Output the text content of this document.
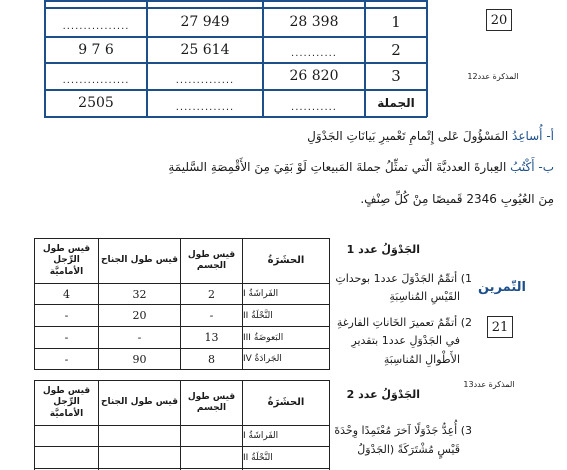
1
28 398
27 949
................
2
...........
25 614
9 7 6
3
26 820
..............
................
الجملة
...........
..............
2505
20
المذكرة عدد12
أ- أُساعِدُ المَسْؤُولَ عَلى إِتْمامِ تَعْميرِ بَيانَاتِ الجَدْوَلِ
ب- أَكْتُبُ العِبارةَ العدديَّةَ الّتي تمثِّلُ جملةَ المَبيعاتِ لَوْ بَقِيَ مِنَ الأَقْمِصَةِ السَّليمَةِ
مِنَ العُيُوبِ 2346 قَميصًا مِنْ كُلِّ صِنْفٍ.
الحشَرَةُ
قيس طول الجسم
قيس طول الجناح
قيس طول الرِّجل الأماميَّة
الفَراشَةُ I
2
32
4
النَّحْلَةُ II
-
20
-
البَعوضَةُ III
13
-
-
الجَرادَةُ IV
8
90
-
الجَدْوَلُ عدد 1
الحشَرَةُ
قيس طول الجسم
قيس طول الجناح
قيس طول الرِّجل الأماميَّة
الفَراشَةُ I
النَّحْلَةُ II
الجَدْوَلُ عدد 2
1) أتمِّمُ الجَدْوَلَ عدد1 بوحداتِ
القَيْسِ المُناسِبَةِ
2) أتمِّمُ تعميرَ الخَاناتِ الفارغةِ
في الجَدْوَلِ عدد1 بتقديرِ
الأَطْوالِ المُناسِبَةِ
3) أُعِدُّ جَدْوَلًا آخرَ مُعْتَمِدًا وِحْدَةَ
قَيْسٍ مُشْتَرَكَةً (الجَدْوَلُ
التّمرين
21
المذكرة عدد13
